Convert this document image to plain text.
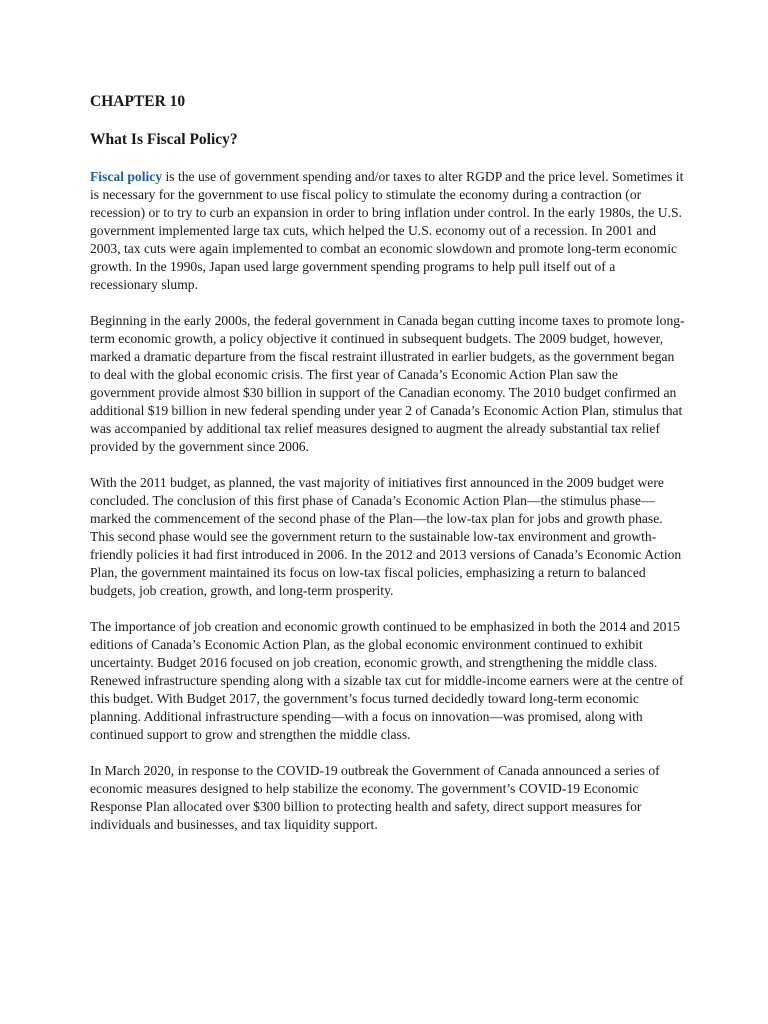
CHAPTER 10
What Is Fiscal Policy?

Fiscal policy is the use of government spending and/or taxes to alter RGDP and the price level. Sometimes it is necessary for the government to use fiscal policy to stimulate the economy during a contraction (or recession) or to try to curb an expansion in order to bring inflation under control. In the early 1980s, the U.S. government implemented large tax cuts, which helped the U.S. economy out of a recession. In 2001 and 2003, tax cuts were again implemented to combat an economic slowdown and promote long-term economic growth. In the 1990s, Japan used large government spending programs to help pull itself out of a recessionary slump.

Beginning in the early 2000s, the federal government in Canada began cutting income taxes to promote long-term economic growth, a policy objective it continued in subsequent budgets. The 2009 budget, however, marked a dramatic departure from the fiscal restraint illustrated in earlier budgets, as the government began to deal with the global economic crisis. The first year of Canada’s Economic Action Plan saw the government provide almost $30 billion in support of the Canadian economy. The 2010 budget confirmed an additional $19 billion in new federal spending under year 2 of Canada’s Economic Action Plan, stimulus that was accompanied by additional tax relief measures designed to augment the already substantial tax relief provided by the government since 2006.

With the 2011 budget, as planned, the vast majority of initiatives first announced in the 2009 budget were concluded. The conclusion of this first phase of Canada’s Economic Action Plan—the stimulus phase—marked the commencement of the second phase of the Plan—the low-tax plan for jobs and growth phase. This second phase would see the government return to the sustainable low-tax environment and growth-friendly policies it had first introduced in 2006. In the 2012 and 2013 versions of Canada’s Economic Action Plan, the government maintained its focus on low-tax fiscal policies, emphasizing a return to balanced budgets, job creation, growth, and long-term prosperity.

The importance of job creation and economic growth continued to be emphasized in both the 2014 and 2015 editions of Canada’s Economic Action Plan, as the global economic environment continued to exhibit uncertainty. Budget 2016 focused on job creation, economic growth, and strengthening the middle class. Renewed infrastructure spending along with a sizable tax cut for middle-income earners were at the centre of this budget. With Budget 2017, the government’s focus turned decidedly toward long-term economic planning. Additional infrastructure spending—with a focus on innovation—was promised, along with continued support to grow and strengthen the middle class.

In March 2020, in response to the COVID-19 outbreak the Government of Canada announced a series of economic measures designed to help stabilize the economy. The government’s COVID-19 Economic Response Plan allocated over $300 billion to protecting health and safety, direct support measures for individuals and businesses, and tax liquidity support.
